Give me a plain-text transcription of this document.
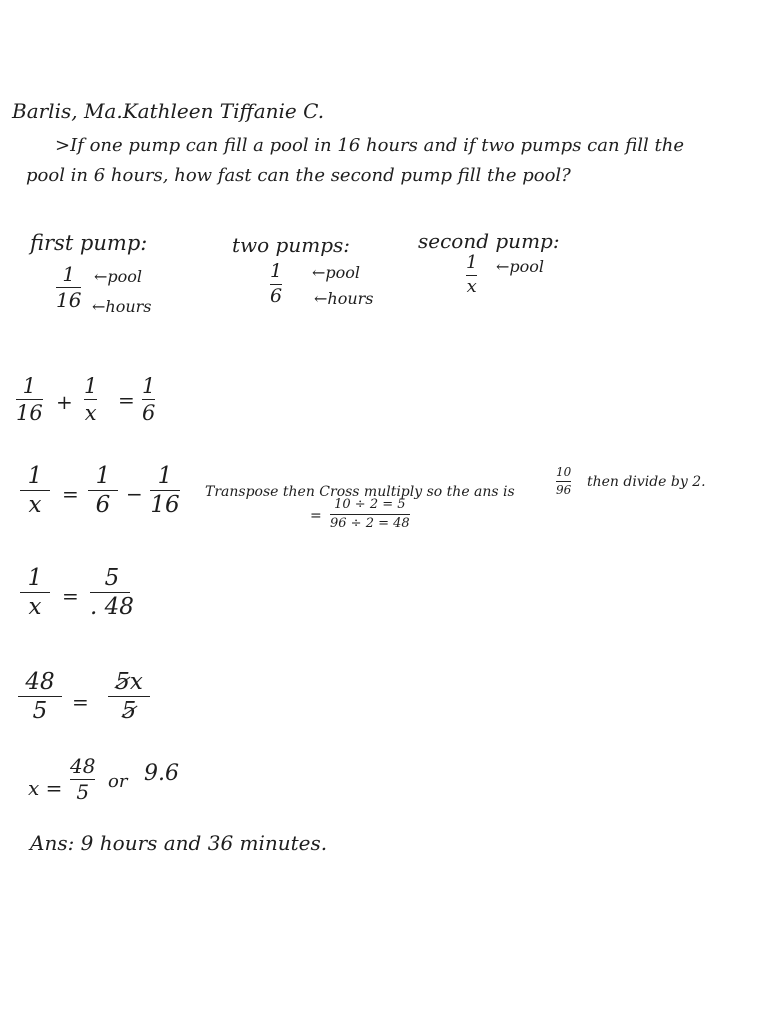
Barlis, Ma.Kathleen Tiffanie C.
>If one pump can fill a pool in 16 hours and if two pumps can fill the
pool in 6 hours, how fast can the second pump fill the pool?
first pump:
1
16
←pool
←hours
two pumps:
1
6
←pool
←hours
second pump:
1
x
←pool
1
16 +
1
x
=
1
6
1
x =
1
6 −
1
16
Transpose then Cross multiply so the ans is
10
96 then divide by 2.
=
10 ÷ 2 = 5
96 ÷ 2 = 48
1
x =
5
. 48
48
5 =
5x
5
x =
48
5 or 9.6
Ans: 9 hours and 36 minutes.
